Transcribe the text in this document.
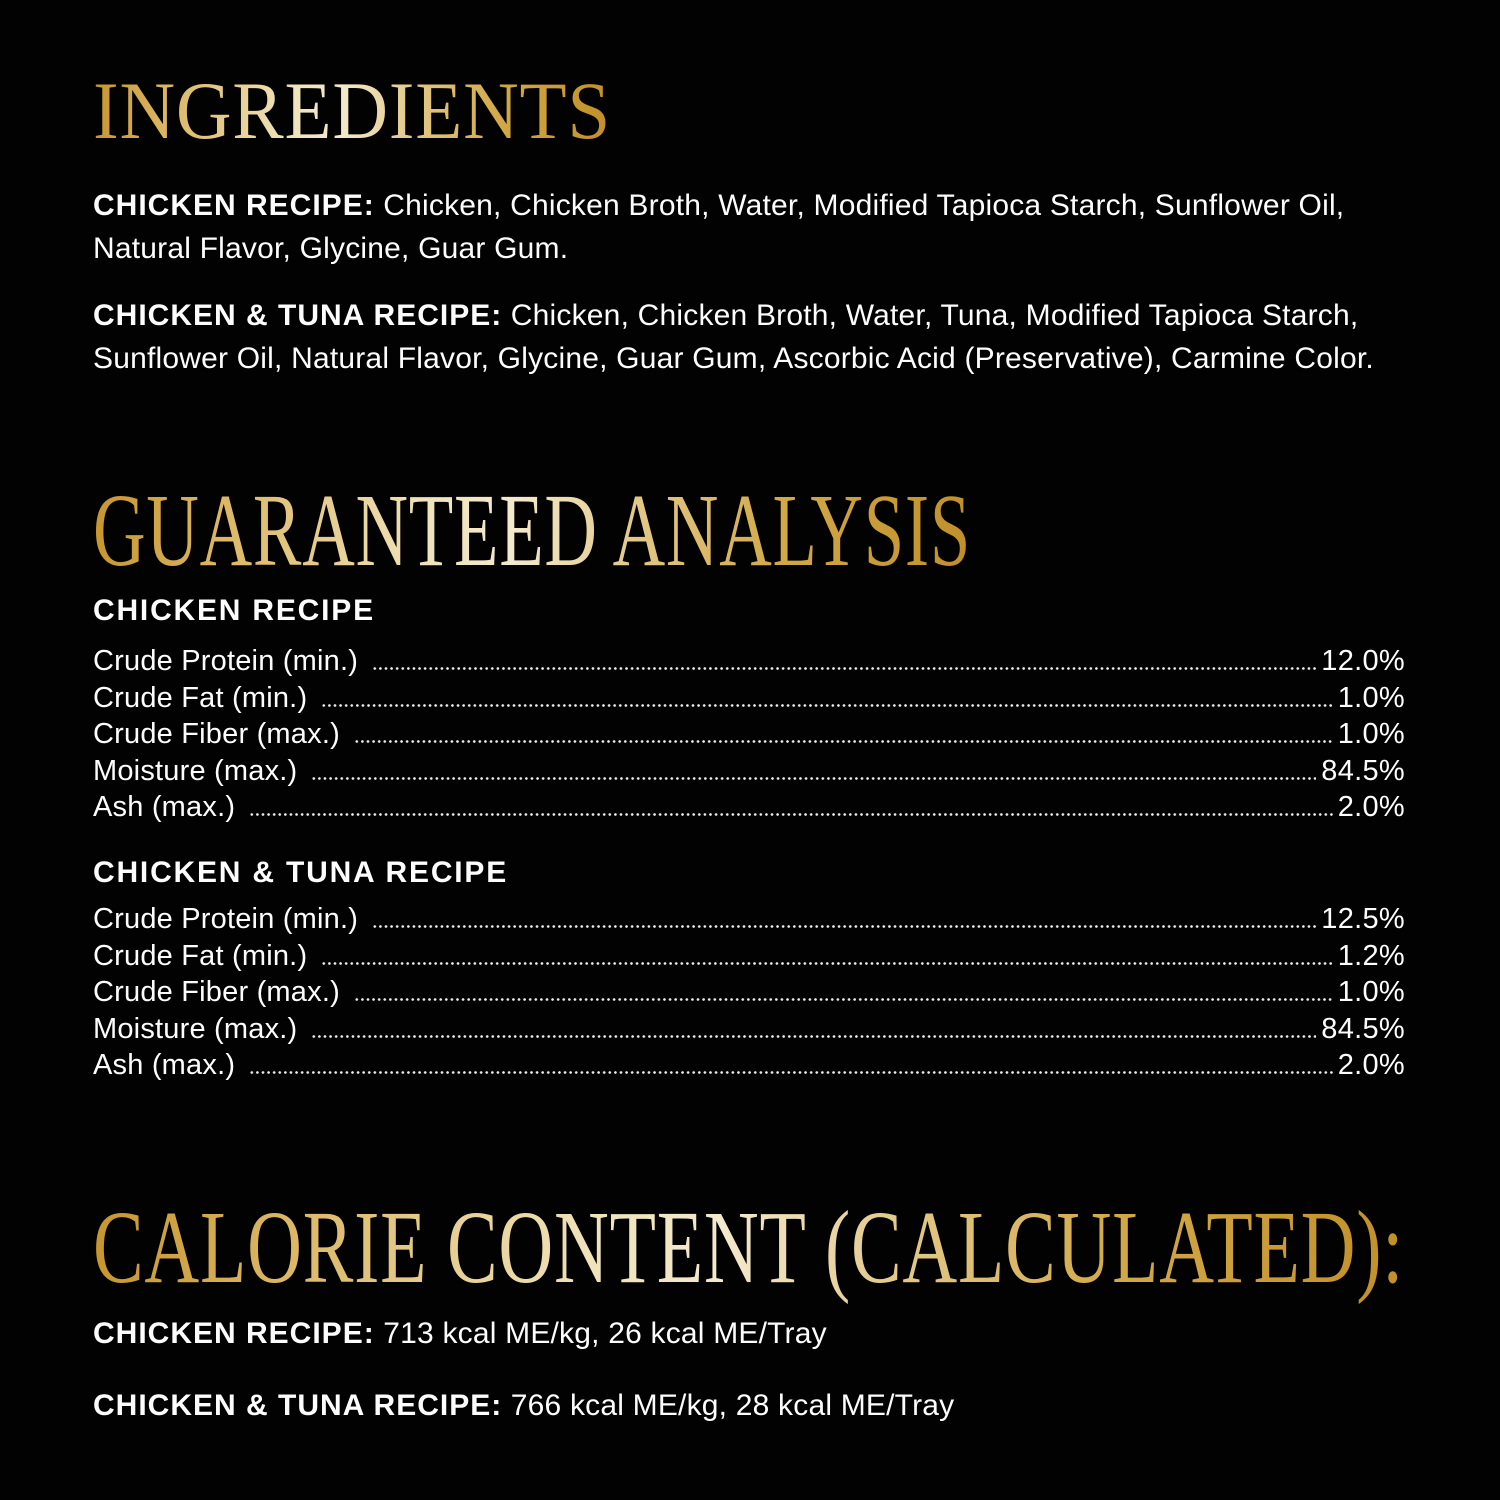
INGREDIENTS

CHICKEN RECIPE: Chicken, Chicken Broth, Water, Modified Tapioca Starch, Sunflower Oil, Natural Flavor, Glycine, Guar Gum.

CHICKEN & TUNA RECIPE: Chicken, Chicken Broth, Water, Tuna, Modified Tapioca Starch, Sunflower Oil, Natural Flavor, Glycine, Guar Gum, Ascorbic Acid (Preservative), Carmine Color.

GUARANTEED ANALYSIS
CHICKEN RECIPE
Crude Protein (min.)	12.0%
Crude Fat (min.)	1.0%
Crude Fiber (max.)	1.0%
Moisture (max.)	84.5%
Ash (max.)	2.0%
CHICKEN & TUNA RECIPE
Crude Protein (min.)	12.5%
Crude Fat (min.)	1.2%
Crude Fiber (max.)	1.0%
Moisture (max.)	84.5%
Ash (max.)	2.0%
CALORIE CONTENT (CALCULATED):

CHICKEN RECIPE: 713 kcal ME/kg, 26 kcal ME/Tray

CHICKEN & TUNA RECIPE: 766 kcal ME/kg, 28 kcal ME/Tray
